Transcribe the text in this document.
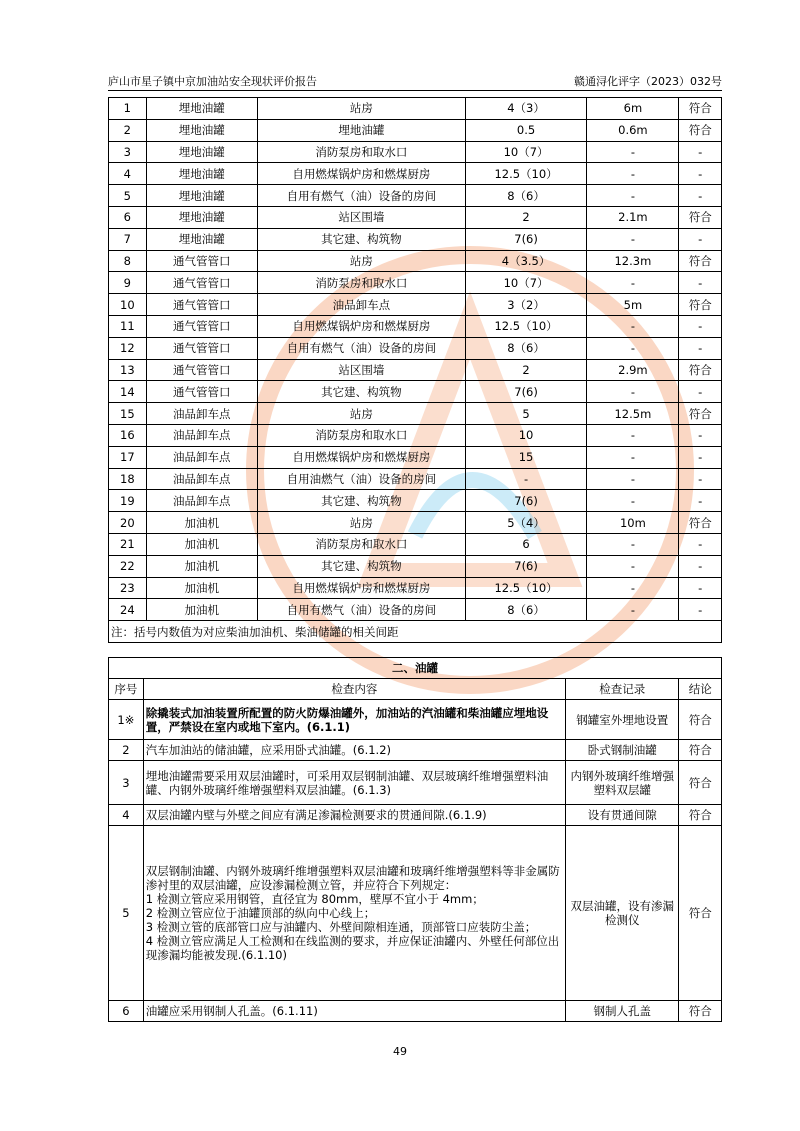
庐山市星子镇中京加油站安全现状评价报告	赣通浔化评字（2023）032号
1	埋地油罐	站房	4（3）	6m	符合
2	埋地油罐	埋地油罐	0.5	0.6m	符合
3	埋地油罐	消防泵房和取水口	10（7）	-	-
4	埋地油罐	自用燃煤锅炉房和燃煤厨房	12.5（10）	-	-
5	埋地油罐	自用有燃气（油）设备的房间	8（6）	-	-
6	埋地油罐	站区围墙	2	2.1m	符合
7	埋地油罐	其它建、构筑物	7(6)	-	-
8	通气管管口	站房	4（3.5）	12.3m	符合
9	通气管管口	消防泵房和取水口	10（7）	-	-
10	通气管管口	油品卸车点	3（2）	5m	符合
11	通气管管口	自用燃煤锅炉房和燃煤厨房	12.5（10）	-	-
12	通气管管口	自用有燃气（油）设备的房间	8（6）	-	-
13	通气管管口	站区围墙	2	2.9m	符合
14	通气管管口	其它建、构筑物	7(6)	-	-
15	油品卸车点	站房	5	12.5m	符合
16	油品卸车点	消防泵房和取水口	10	-	-
17	油品卸车点	自用燃煤锅炉房和燃煤厨房	15	-	-
18	油品卸车点	自用油燃气（油）设备的房间	-	-	-
19	油品卸车点	其它建、构筑物	7(6)	-	-
20	加油机	站房	5（4）	10m	符合
21	加油机	消防泵房和取水口	6	-	-
22	加油机	其它建、构筑物	7(6)	-	-
23	加油机	自用燃煤锅炉房和燃煤厨房	12.5（10）	-	-
24	加油机	自用有燃气（油）设备的房间	8（6）	-	-
注：括号内数值为对应柴油加油机、柴油储罐的相关间距					
二、油罐			
序号	检查内容	检查记录	结论
1※	除撬装式加油装置所配置的防火防爆油罐外，加油站的汽油罐和柴油罐应埋地设置，严禁设在室内或地下室内。(6.1.1)	钢罐室外埋地设置	符合
2	汽车加油站的储油罐，应采用卧式油罐。(6.1.2)	卧式钢制油罐	符合
3	埋地油罐需要采用双层油罐时，可采用双层钢制油罐、双层玻璃纤维增强塑料油罐、内钢外玻璃纤维增强塑料双层油罐。(6.1.3)	内钢外玻璃纤维增强塑料双层罐	符合
4	双层油罐内壁与外壁之间应有满足渗漏检测要求的贯通间隙.(6.1.9)	设有贯通间隙	符合
5	双层钢制油罐、内钢外玻璃纤维增强塑料双层油罐和玻璃纤维增强塑料等非金属防渗衬里的双层油罐，应设渗漏检测立管，并应符合下列规定：
1 检测立管应采用钢管，直径宜为 80mm，壁厚不宜小于 4mm；
2 检测立管应位于油罐顶部的纵向中心线上；
3 检测立管的底部管口应与油罐内、外壁间隙相连通，顶部管口应装防尘盖；
4 检测立管应满足人工检测和在线监测的要求，并应保证油罐内、外壁任何部位出现渗漏均能被发现.(6.1.10)	双层油罐，设有渗漏检测仪	符合
6	油罐应采用钢制人孔盖。(6.1.11)	钢制人孔盖	符合
49
